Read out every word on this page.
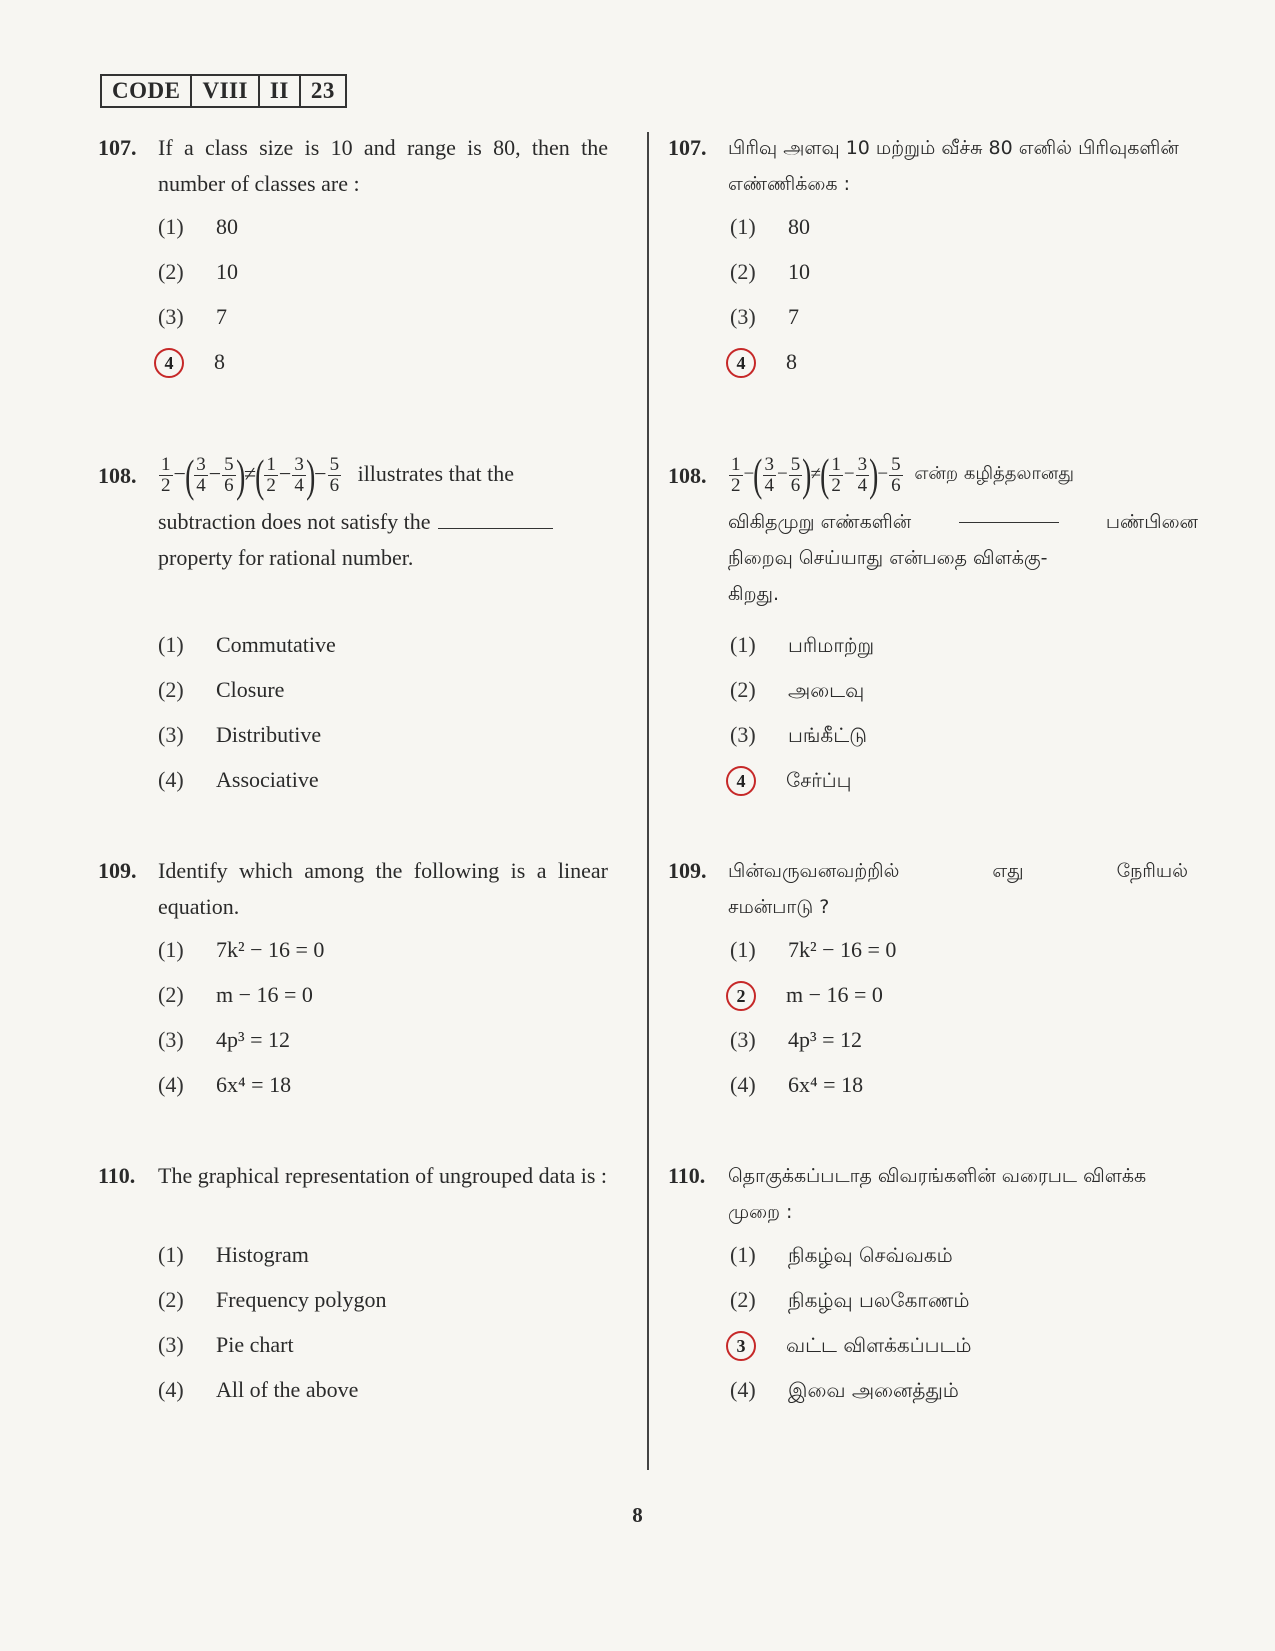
CODE VIII II 23
107. If a class size is 10 and range is 80, then the number of classes are :
(1) 80
(2) 10
(3) 7
4 8
108. $\frac{1}{2}$ −( $\frac{3}{4} - \frac{5}{6}$ )≠( $\frac{1}{2} - \frac{3}{4}$ )− $\frac{5}{6}$ illustrates that the
subtraction does not satisfy the
property for rational number.
(1) Commutative
(2) Closure
(3) Distributive
(4) Associative
109. Identify which among the following is a linear equation.
(1) 7k² − 16 = 0
(2) m − 16 = 0
(3) 4p³ = 12
(4) 6x⁴ = 18
110. The graphical representation of ungrouped data is :
(1) Histogram
(2) Frequency polygon
(3) Pie chart
(4) All of the above
107. பிரிவு அளவு 10 மற்றும் வீச்சு 80 எனில் பிரிவுகளின் எண்ணிக்கை :
(1) 80
(2) 10
(3) 7
4 8
108. $\frac{1}{2}$ −( $\frac{3}{4} - \frac{5}{6}$ )≠( $\frac{1}{2} - \frac{3}{4}$ )− $\frac{5}{6}$ என்ற கழித்தலானது
விகிதமுறு எண்களின்	பண்பினை
நிறைவு செய்யாது என்பதை விளக்கு-
கிறது.
(1) பரிமாற்று
(2) அடைவு
(3) பங்கீட்டு
4 சேர்ப்பு
109. பின்வருவனவற்றில்	எது	நேரியல்
சமன்பாடு ?
(1) 7k² − 16 = 0
2 m − 16 = 0
(3) 4p³ = 12
(4) 6x⁴ = 18
110. தொகுக்கப்படாத விவரங்களின் வரைபட விளக்க முறை :
(1) நிகழ்வு செவ்வகம்
(2) நிகழ்வு பலகோணம்
3 வட்ட விளக்கப்படம்
(4) இவை அனைத்தும்
8
